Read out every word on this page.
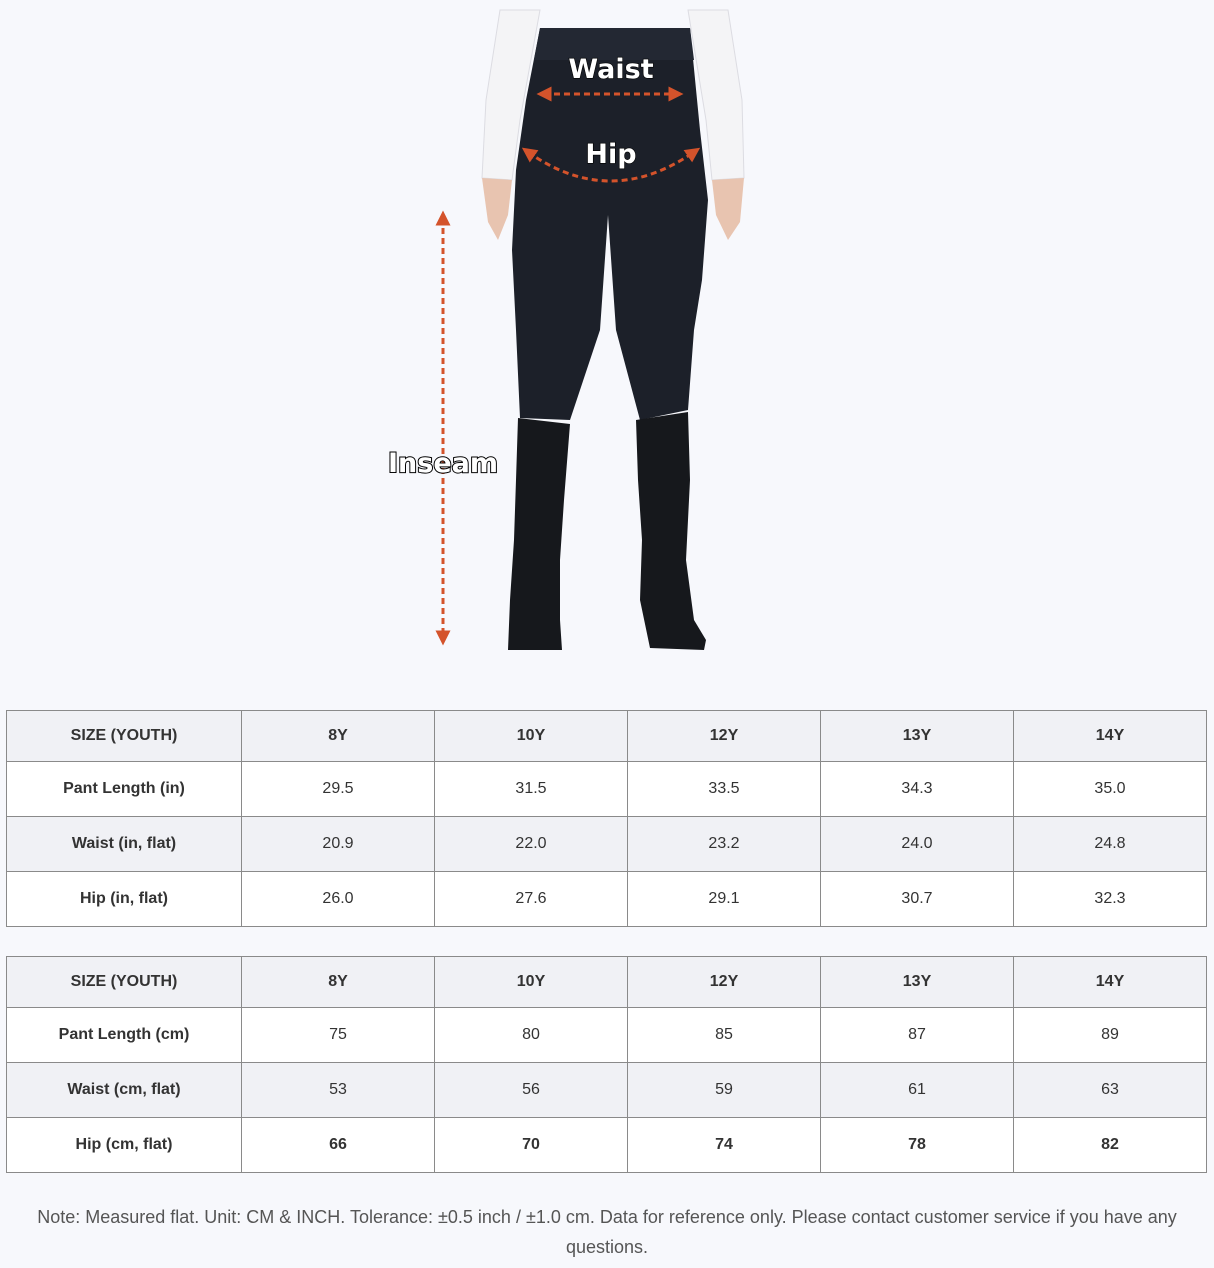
Waist
Hip
Inseam
SIZE (YOUTH)	8Y	10Y	12Y	13Y	14Y
Pant Length (in)	29.5	31.5	33.5	34.3	35.0
Waist (in, flat)	20.9	22.0	23.2	24.0	24.8
Hip (in, flat)	26.0	27.6	29.1	30.7	32.3
SIZE (YOUTH)	8Y	10Y	12Y	13Y	14Y
Pant Length (cm)	75	80	85	87	89
Waist (cm, flat)	53	56	59	61	63
Hip (cm, flat)	66	70	74	78	82
Note: Measured flat. Unit: CM & INCH. Tolerance: ±0.5 inch / ±1.0 cm. Data for reference only. Please contact customer service if you have any questions.
